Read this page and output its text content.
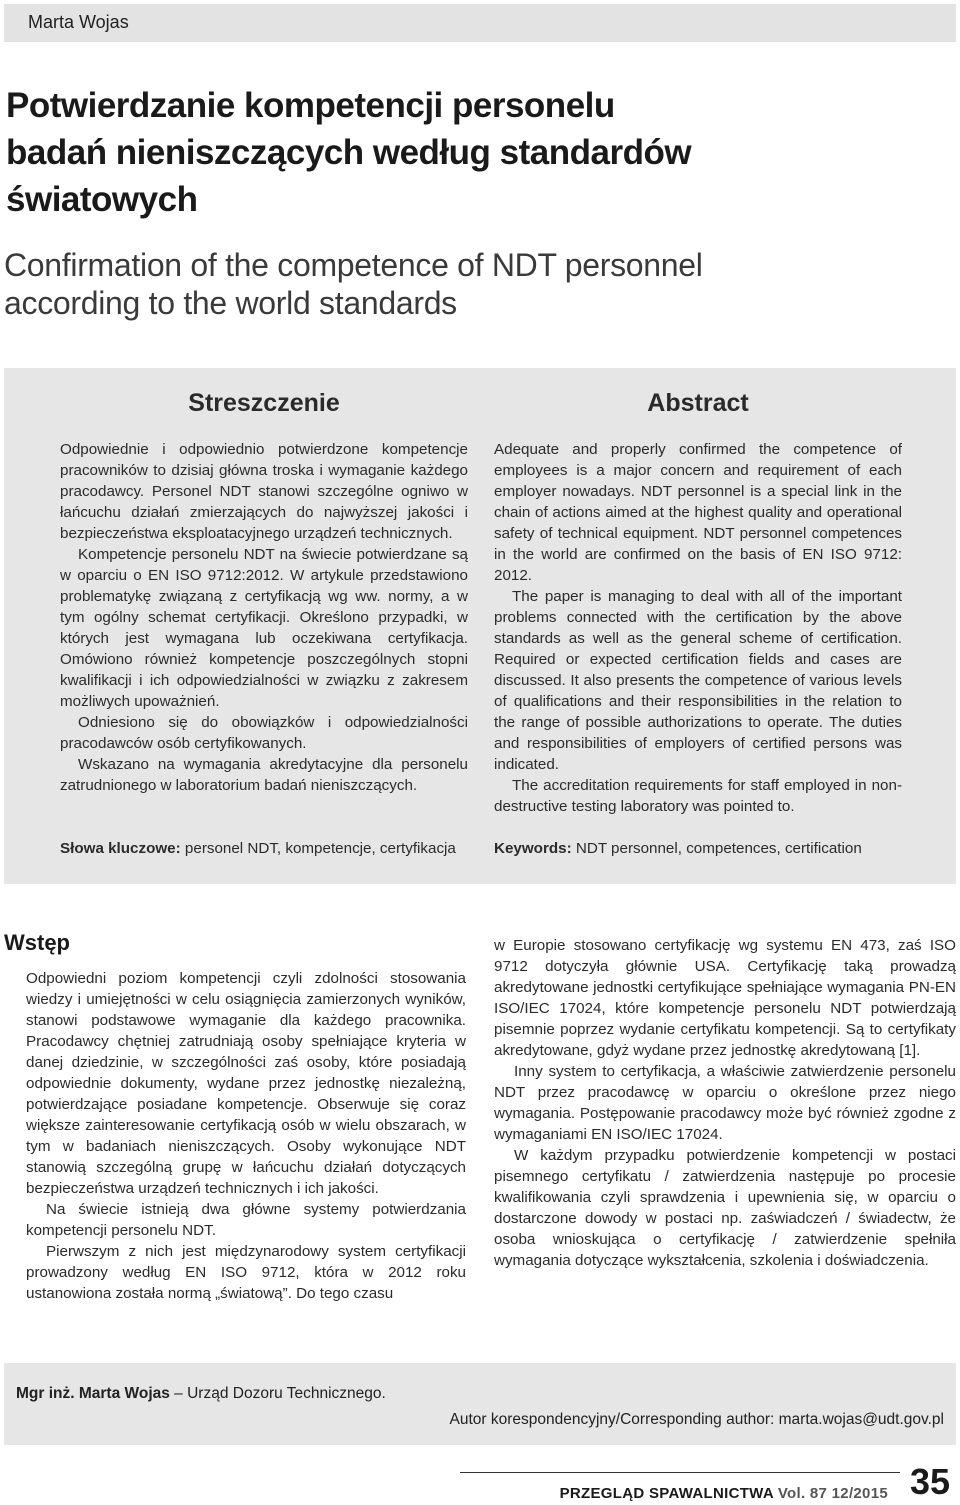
Marta Wojas
Potwierdzanie kompetencji personelu badań nieniszczących według standardów światowych
Confirmation of the competence of NDT personnel according to the world standards
Streszczenie

Odpowiednie i odpowiednio potwierdzone kompetencje pracowników to dzisiaj główna troska i wymaganie każdego pracodawcy. Personel NDT stanowi szczególne ogniwo w łańcuchu działań zmierzających do najwyższej jakości i bezpieczeństwa eksploatacyjnego urządzeń technicznych.

Kompetencje personelu NDT na świecie potwierdzane są w oparciu o EN ISO 9712:2012. W artykule przedstawiono problematykę związaną z certyfikacją wg ww. normy, a w tym ogólny schemat certyfikacji. Określono przypadki, w których jest wymagana lub oczekiwana certyfikacja. Omówiono również kompetencje poszczególnych stopni kwalifikacji i ich odpowiedzialności w związku z zakresem możliwych upoważnień.

Odniesiono się do obowiązków i odpowiedzialności pracodawców osób certyfikowanych.

Wskazano na wymagania akredytacyjne dla personelu zatrudnionego w laboratorium badań nieniszczących.

Słowa kluczowe: personel NDT, kompetencje, certyfikacja
Abstract

Adequate and properly confirmed the competence of employees is a major concern and requirement of each employer nowadays. NDT personnel is a special link in the chain of actions aimed at the highest quality and operational safety of technical equipment. NDT personnel competences in the world are confirmed on the basis of EN ISO 9712: 2012.

The paper is managing to deal with all of the important problems connected with the certification by the above standards as well as the general scheme of certification. Required or expected certification fields and cases are discussed. It also presents the competence of various levels of qualifications and their responsibilities in the relation to the range of possible authorizations to operate. The duties and responsibilities of employers of certified persons was indicated.

The accreditation requirements for staff employed in non-destructive testing laboratory was pointed to.

Keywords: NDT personnel, competences, certification
Wstęp

Odpowiedni poziom kompetencji czyli zdolności stosowania wiedzy i umiejętności w celu osiągnięcia zamierzonych wyników, stanowi podstawowe wymaganie dla każdego pracownika. Pracodawcy chętniej zatrudniają osoby spełniające kryteria w danej dziedzinie, w szczególności zaś osoby, które posiadają odpowiednie dokumenty, wydane przez jednostkę niezależną, potwierdzające posiadane kompetencje. Obserwuje się coraz większe zainteresowanie certyfikacją osób w wielu obszarach, w tym w badaniach nieniszczących. Osoby wykonujące NDT stanowią szczególną grupę w łańcuchu działań dotyczących bezpieczeństwa urządzeń technicznych i ich jakości.

Na świecie istnieją dwa główne systemy potwierdzania kompetencji personelu NDT.

Pierwszym z nich jest międzynarodowy system certyfikacji prowadzony według EN ISO 9712, która w 2012 roku ustanowiona została normą „światową”. Do tego czasu

w Europie stosowano certyfikację wg systemu EN 473, zaś ISO 9712 dotyczyła głównie USA. Certyfikację taką prowadzą akredytowane jednostki certyfikujące spełniające wymagania PN-EN ISO/IEC 17024, które kompetencje personelu NDT potwierdzają pisemnie poprzez wydanie certyfikatu kompetencji. Są to certyfikaty akredytowane, gdyż wydane przez jednostkę akredytowaną [1].

Inny system to certyfikacja, a właściwie zatwierdzenie personelu NDT przez pracodawcę w oparciu o określone przez niego wymagania. Postępowanie pracodawcy może być również zgodne z wymaganiami EN ISO/IEC 17024.

W każdym przypadku potwierdzenie kompetencji w postaci pisemnego certyfikatu / zatwierdzenia następuje po procesie kwalifikowania czyli sprawdzenia i upewnienia się, w oparciu o dostarczone dowody w postaci np. zaświadczeń / świadectw, że osoba wnioskująca o certyfikację / zatwierdzenie spełniła wymagania dotyczące wykształcenia, szkolenia i doświadczenia.

Mgr inż. Marta Wojas – Urząd Dozoru Technicznego.
Autor korespondencyjny/Corresponding author: marta.wojas@udt.gov.pl
PRZEGLĄD SPAWALNICTWA Vol. 87 12/2015 35
